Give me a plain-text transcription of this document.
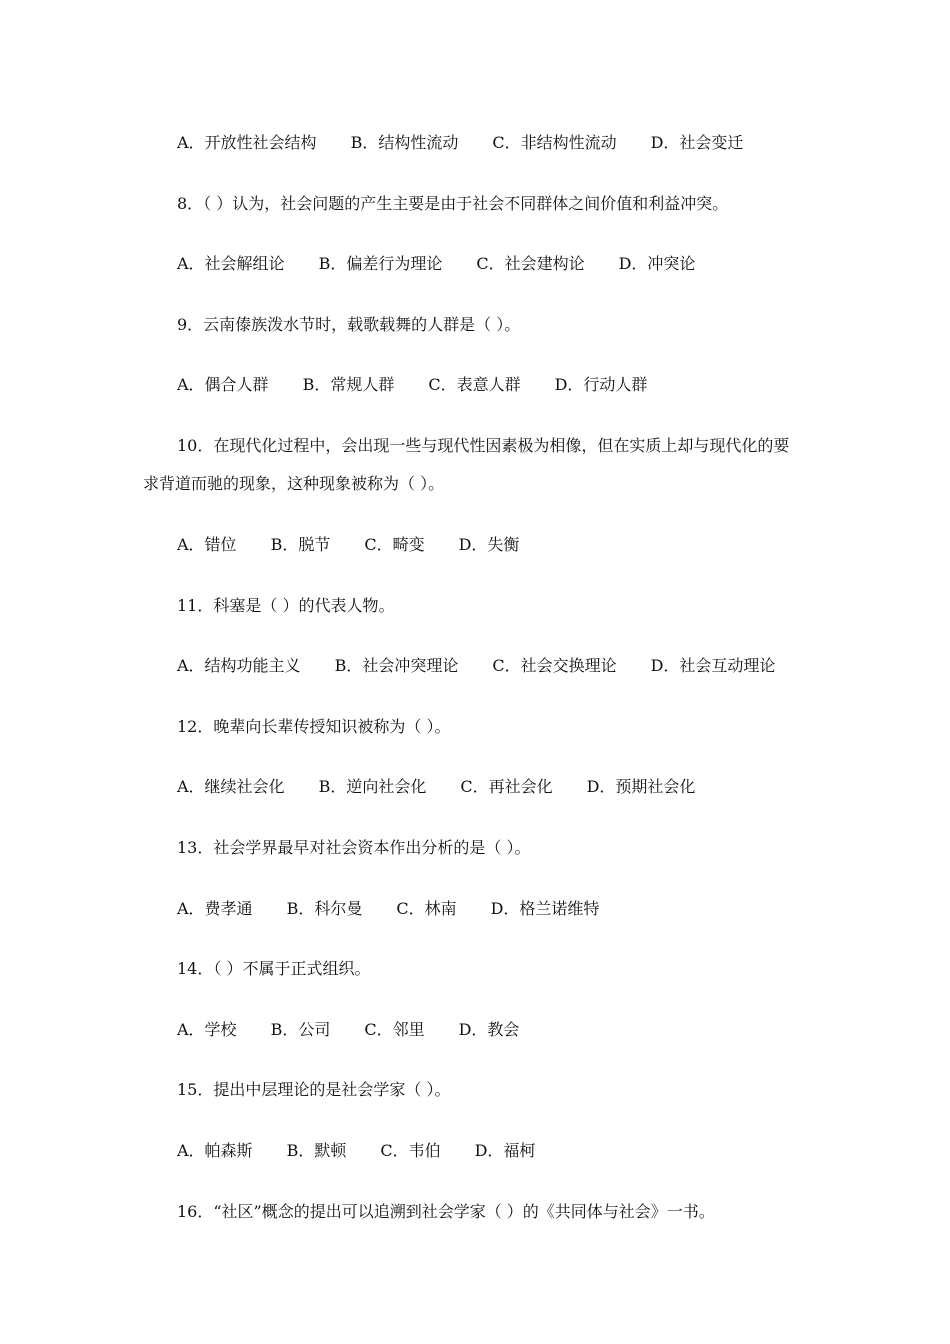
A．开放性社会结构 B．结构性流动 C．非结构性流动 D．社会变迁
8．（ ）认为，社会问题的产生主要是由于社会不同群体之间价值和利益冲突。
A．社会解组论 B．偏差行为理论 C．社会建构论 D．冲突论
9．云南傣族泼水节时，载歌载舞的人群是（ ）。
A．偶合人群 B．常规人群 C．表意人群 D．行动人群
10．在现代化过程中，会出现一些与现代性因素极为相像，但在实质上却与现代化的要
求背道而驰的现象，这种现象被称为（ ）。
A．错位 B．脱节 C．畸变 D．失衡
11．科塞是（ ）的代表人物。
A．结构功能主义 B．社会冲突理论 C．社会交换理论 D．社会互动理论
12．晚辈向长辈传授知识被称为（ ）。
A．继续社会化 B．逆向社会化 C．再社会化 D．预期社会化
13．社会学界最早对社会资本作出分析的是（ ）。
A．费孝通 B．科尔曼 C．林南 D．格兰诺维特
14．（ ）不属于正式组织。
A．学校 B．公司 C．邻里 D．教会
15．提出中层理论的是社会学家（ ）。
A．帕森斯 B．默顿 C．韦伯 D．福柯
16．“社区”概念的提出可以追溯到社会学家（ ）的《共同体与社会》一书。
